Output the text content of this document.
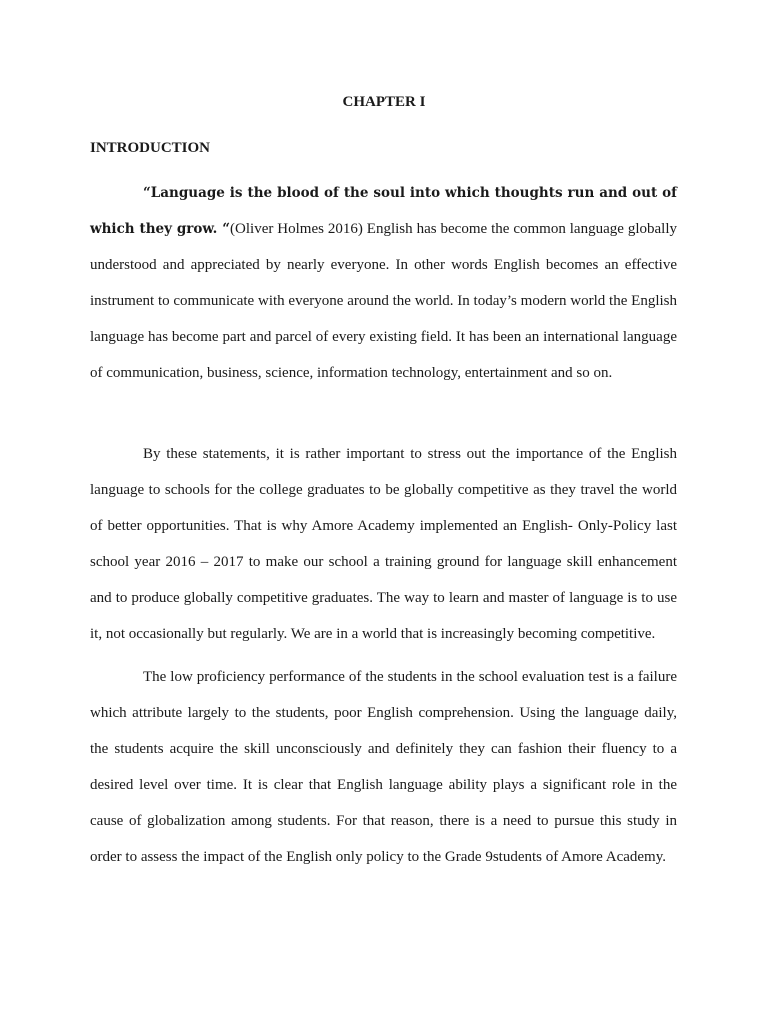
CHAPTER I
INTRODUCTION

“Language is the blood of the soul into which thoughts run and out of which they grow. “(Oliver Holmes 2016) English has become the common language globally understood and appreciated by nearly everyone. In other words English becomes an effective instrument to communicate with everyone around the world. In today’s modern world the English language has become part and parcel of every existing field. It has been an international language of communication, business, science, information technology, entertainment and so on.

By these statements, it is rather important to stress out the importance of the English language to schools for the college graduates to be globally competitive as they travel the world of better opportunities. That is why Amore Academy implemented an English- Only-Policy last school year 2016 – 2017 to make our school a training ground for language skill enhancement and to produce globally competitive graduates. The way to learn and master of language is to use it, not occasionally but regularly. We are in a world that is increasingly becoming competitive.

The low proficiency performance of the students in the school evaluation test is a failure which attribute largely to the students, poor English comprehension. Using the language daily, the students acquire the skill unconsciously and definitely they can fashion their fluency to a desired level over time. It is clear that English language ability plays a significant role in the cause of globalization among students. For that reason, there is a need to pursue this study in order to assess the impact of the English only policy to the Grade 9students of Amore Academy.
